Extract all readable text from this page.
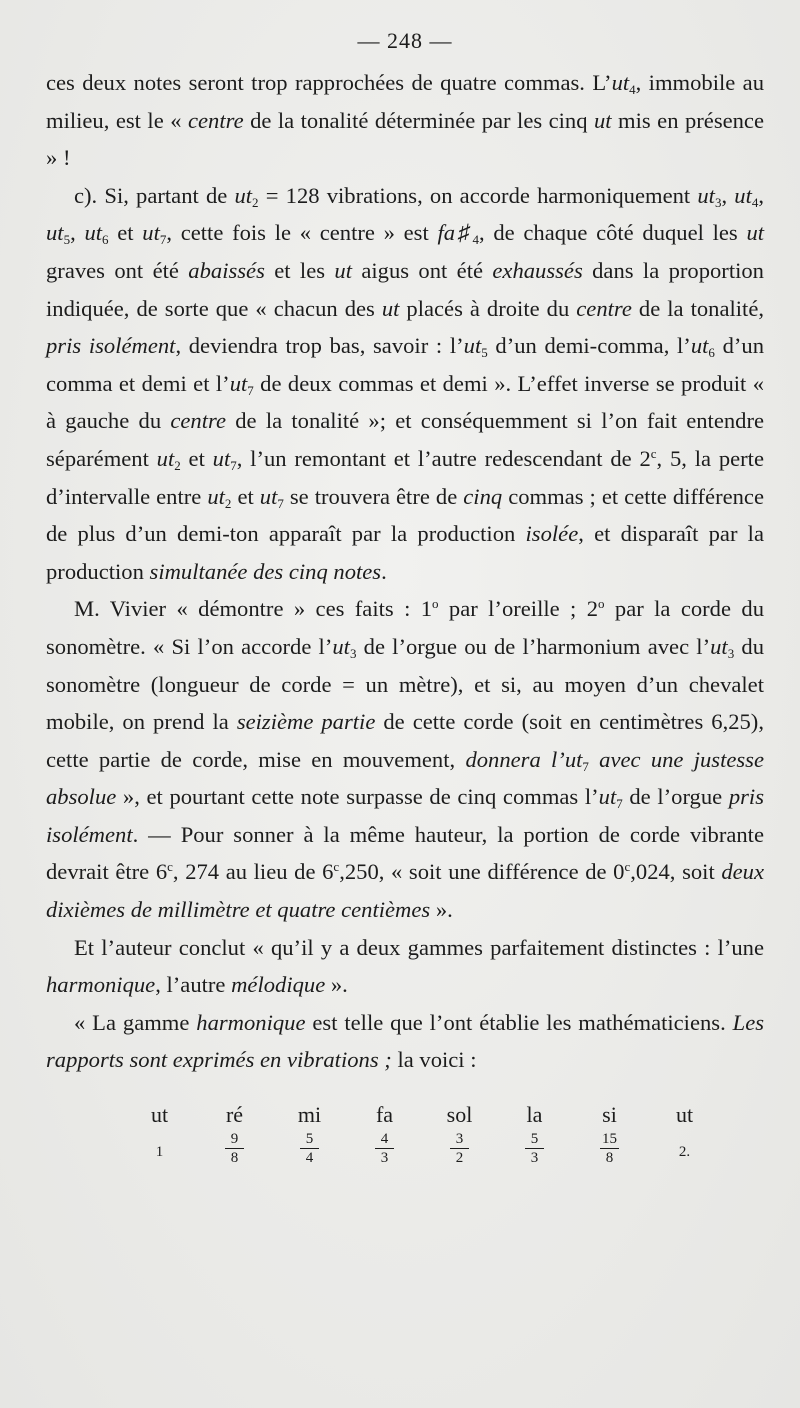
— 248 —

ces deux notes seront trop rapprochées de quatre commas. $L’ut_4$, immobile au milieu, est le « centre de la tonalité déterminée par les cinq ut mis en présence » !

c). Si, partant de $ut_2 = 128$ vibrations, on accorde harmoniquement $ut_3$, $ut_4$, $ut_5$, $ut_6$ et $ut_7$, cette fois le « centre » est $fa♯_4$, de chaque côté duquel les ut graves ont été abaissés et les ut aigus ont été exhaussés dans la proportion indiquée, de sorte que « chacun des ut placés à droite du centre de la tonalité, pris isolément, deviendra trop bas, savoir : $l’ut_5$ d’un demi-comma, $l’ut_6$ d’un comma et demi et $l’ut_7$ de deux commas et demi ». L’effet inverse se produit « à gauche du centre de la tonalité »; et conséquemment si l’on fait entendre séparément $ut_2$ et $ut_7$, l’un remontant et l’autre redescendant de 2$^c$, 5, la perte d’intervalle entre $ut_2$ et $ut_7$ se trouvera être de cinq commas ; et cette différence de plus d’un demi-ton apparaît par la production isolée, et disparaît par la production simultanée des cinq notes.

M. Vivier « démontre » ces faits : 1$^o$ par l’oreille ; 2$^o$ par la corde du sonomètre. « Si l’on accorde $l’ut_3$ de l’orgue ou de l’harmonium avec $l’ut_3$ du sonomètre (longueur de corde = un mètre), et si, au moyen d’un chevalet mobile, on prend la seizième partie de cette corde (soit en centimètres 6,25), cette partie de corde, mise en mouvement, donnera $l’ut_7$ avec une justesse absolue », et pourtant cette note surpasse de cinq commas $l’ut_7$ de l’orgue pris isolément. — Pour sonner à la même hauteur, la portion de corde vibrante devrait être 6$^c$, 274 au lieu de 6$^c$,250, « soit une différence de 0$^c$,024, soit deux dixièmes de millimètre et quatre centièmes ».

Et l’auteur conclut « qu’il y a deux gammes parfaitement distinctes : l’une harmonique, l’autre mélodique ».

« La gamme harmonique est telle que l’ont établie les mathématiciens. Les rapports sont exprimés en vibrations ; la voici :

ut	ré	mi	fa	sol	la	si	ut
1	$\frac{9}{8}$	$\frac{5}{4}$	$\frac{4}{3}$	$\frac{3}{2}$	$\frac{5}{3}$	$\frac{15}{8}$	2.
